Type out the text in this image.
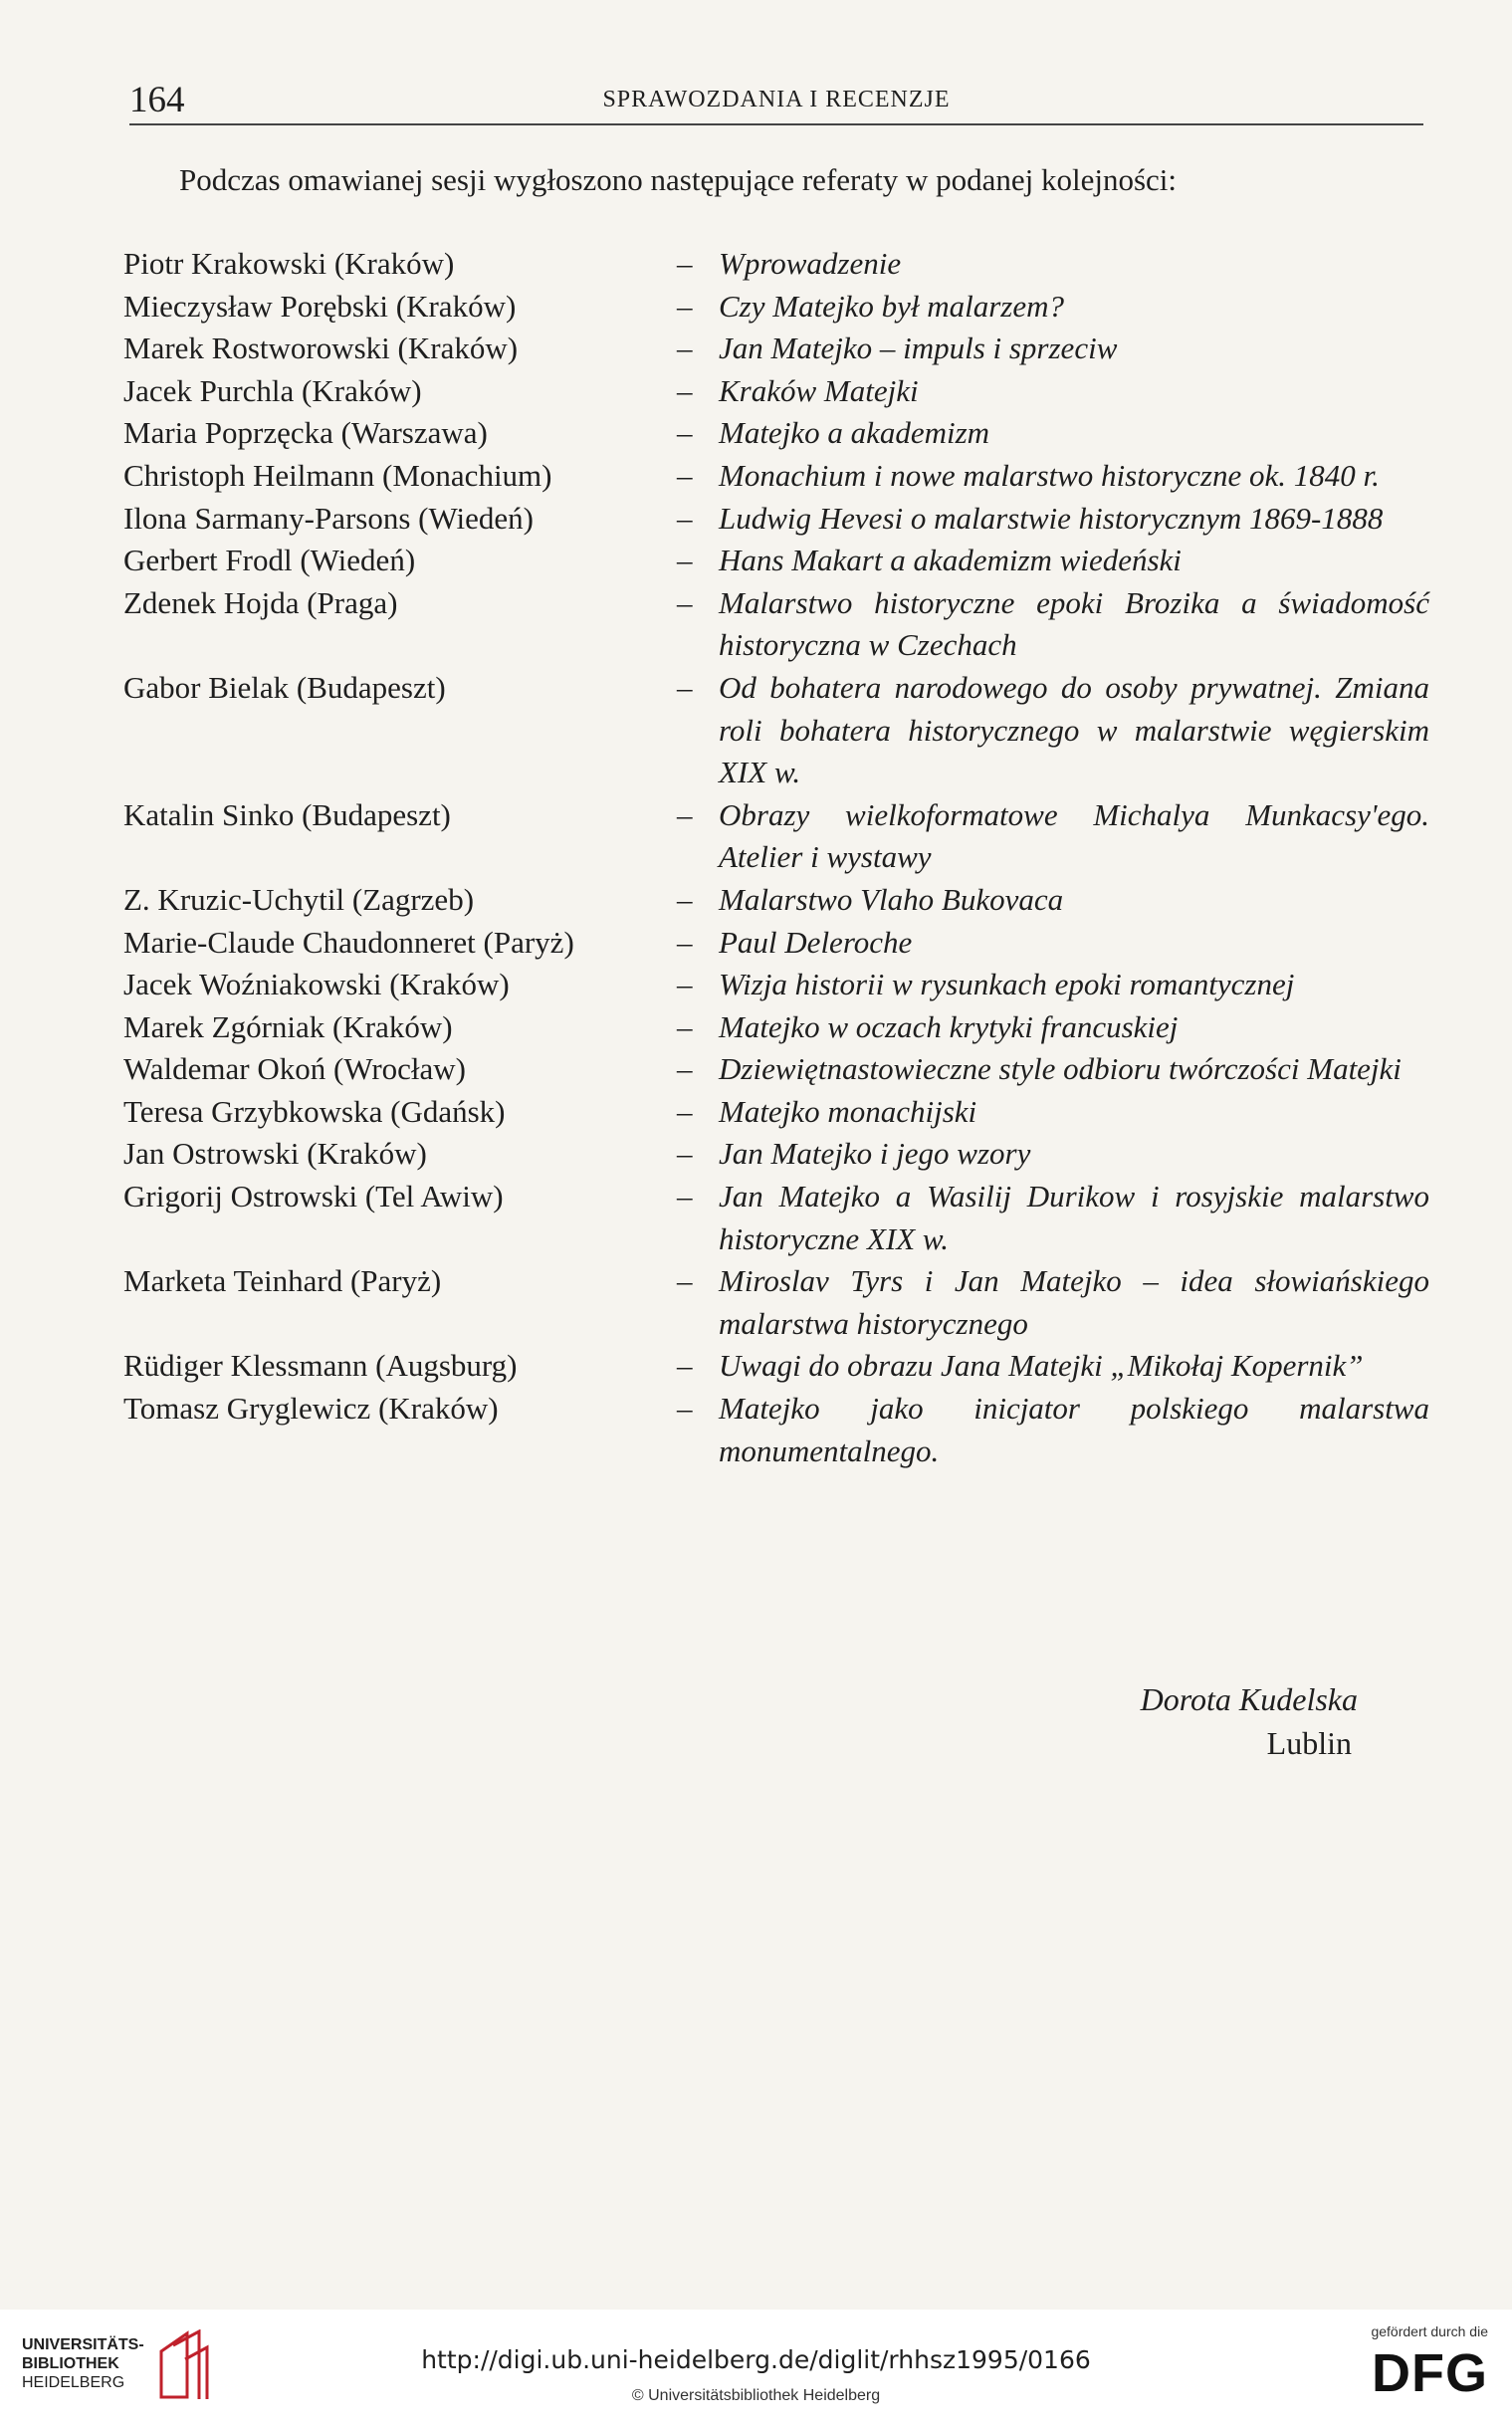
164	SPRAWOZDANIA I RECENZJE
Podczas omawianej sesji wygłoszono następujące referaty w podanej kolejności:
Piotr Krakowski (Kraków)	– Wprowadzenie
Mieczysław Porębski (Kraków)	– Czy Matejko był malarzem?
Marek Rostworowski (Kraków)	– Jan Matejko – impuls i sprzeciw
Jacek Purchla (Kraków)	– Kraków Matejki
Maria Poprzęcka (Warszawa)	– Matejko a akademizm
Christoph Heilmann (Monachium)	– Monachium i nowe malarstwo historyczne ok. 1840 r.
Ilona Sarmany-Parsons (Wiedeń)	– Ludwig Hevesi o malarstwie historycznym 1869-1888
Gerbert Frodl (Wiedeń)	– Hans Makart a akademizm wiedeński
Zdenek Hojda (Praga)	– Malarstwo historyczne epoki Brozika a świadomość historyczna w Czechach
Gabor Bielak (Budapeszt)	– Od bohatera narodowego do osoby prywatnej. Zmiana roli bohatera historycznego w malarstwie węgierskim XIX w.
Katalin Sinko (Budapeszt)	– Obrazy wielkoformatowe Michalya Munkacsy'ego. Atelier i wystawy
Z. Kruzic-Uchytil (Zagrzeb)	– Malarstwo Vlaho Bukovaca
Marie-Claude Chaudonneret (Paryż)	– Paul Deleroche
Jacek Woźniakowski (Kraków)	– Wizja historii w rysunkach epoki romantycznej
Marek Zgórniak (Kraków)	– Matejko w oczach krytyki francuskiej
Waldemar Okoń (Wrocław)	– Dziewiętnastowieczne style odbioru twórczości Matejki
Teresa Grzybkowska (Gdańsk)	– Matejko monachijski
Jan Ostrowski (Kraków)	– Jan Matejko i jego wzory
Grigorij Ostrowski (Tel Awiw)	– Jan Matejko a Wasilij Durikow i rosyjskie malarstwo historyczne XIX w.
Marketa Teinhard (Paryż)	– Miroslav Tyrs i Jan Matejko – idea słowiańskiego malarstwa historycznego
Rüdiger Klessmann (Augsburg)	– Uwagi do obrazu Jana Matejki „Mikołaj Kopernik”
Tomasz Gryglewicz (Kraków)	– Matejko jako inicjator polskiego malarstwa monumentalnego.
Dorota Kudelska
Lublin
UNIVERSITÄTS-
BIBLIOTHEK
HEIDELBERG
http://digi.ub.uni-heidelberg.de/diglit/rhhsz1995/0166
© Universitätsbibliothek Heidelberg
gefördert durch die
DFG
